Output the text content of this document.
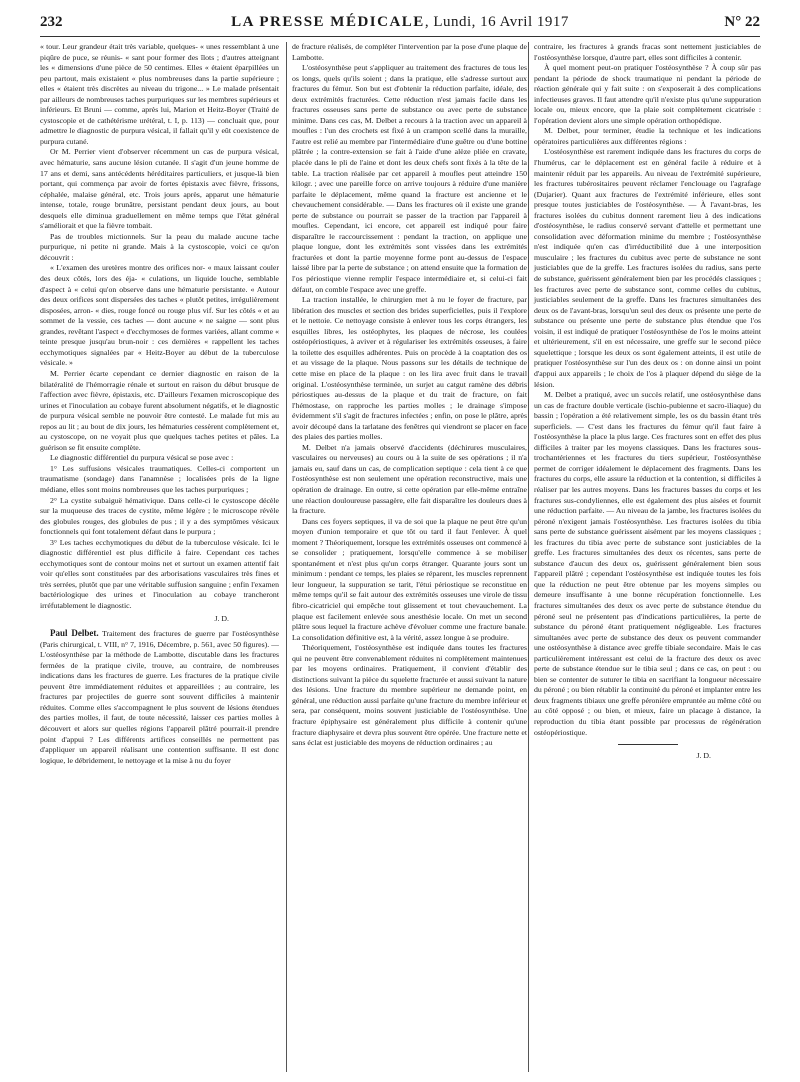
232	LA PRESSE MÉDICALE, Lundi, 16 Avril 1917	N° 22

« tour. Leur grandeur était très variable, quelques- « unes ressemblant à une piqûre de puce, se réunis- « sant pour former des îlots ; d'autres atteignant les « dimensions d'une pièce de 50 centimes. Elles « étaient éparpillées un peu partout, mais existaient « plus nombreuses dans la partie supérieure ; elles « étaient très discrètes au niveau du trigone... » Le malade présentait par ailleurs de nombreuses taches purpuriques sur les membres supérieurs et inférieurs. Et Bruni — comme, après lui, Marion et Heitz-Boyer (Traité de cystoscopie et de cathétérisme urétéral, t. I, p. 113) — concluait que, pour admettre le diagnostic de purpura vésical, il fallait qu'il y eût coexistence de purpura cutané.

Or M. Perrier vient d'observer récemment un cas de purpura vésical, avec hématurie, sans aucune lésion cutanée. Il s'agit d'un jeune homme de 17 ans et demi, sans antécédents héréditaires particuliers, et jusque-là bien portant, qui commença par avoir de fortes épistaxis avec fièvre, frissons, céphalée, malaise général, etc. Trois jours après, apparut une hématurie intense, totale, rouge brunâtre, persistant pendant deux jours, au bout desquels elle diminua graduellement en même temps que l'état général s'améliorait et que la fièvre tombait.

Pas de troubles mictionnels. Sur la peau du malade aucune tache purpurique, ni petite ni grande. Mais à la cystoscopie, voici ce qu'on découvrit :

« L'examen des uretères montre des orifices nor- « maux laissant couler des deux côtés, lors des éja- « culations, un liquide louche, semblable d'aspect à « celui qu'on observe dans une hématurie persistante. « Autour des deux orifices sont dispersées des taches « plutôt petites, irrégulièrement disposées, arron- « dies, rouge foncé ou rouge plus vif. Sur les côtés « et au sommet de la vessie, ces taches — dont aucune « ne saigne — sont plus grandes, revêtant l'aspect « d'ecchymoses de formes variées, allant comme « teinte presque jusqu'au brun-noir : ces dernières « rappellent les taches ecchymotiques signalées par « Heitz-Boyer au début de la tuberculose vésicale. »

M. Perrier écarte cependant ce dernier diagnostic en raison de la bilatéralité de l'hémorragie rénale et surtout en raison du début brusque de l'affection avec fièvre, épistaxis, etc. D'ailleurs l'examen microscopique des urines et l'inoculation au cobaye furent absolument négatifs, et le diagnostic de purpura vésical semble ne pouvoir être contesté. Le malade fut mis au repos au lit ; au bout de dix jours, les hématuries cessèrent complètement et, au cystoscope, on ne voyait plus que quelques taches petites et pâles. La guérison se fit ensuite complète.

Le diagnostic différentiel du purpura vésical se pose avec :

1° Les suffusions vésicales traumatiques. Celles-ci comportent un traumatisme (sondage) dans l'anamnèse ; localisées près de la ligne médiane, elles sont moins nombreuses que les taches purpuriques ;

2° La cystite subaiguë hémativique. Dans celle-ci le cystoscope décèle sur la muqueuse des traces de cystite, même légère ; le microscope révèle des globules rouges, des globules de pus ; il y a des symptômes vésicaux fonctionnels qui font totalement défaut dans le purpura ;

3° Les taches ecchymotiques du début de la tuberculose vésicale. Ici le diagnostic différentiel est plus difficile à faire. Cependant ces taches ecchymotiques sont de contour moins net et surtout un examen attentif fait voir qu'elles sont constituées par des arborisations vasculaires très fines et très serrées, plutôt que par une véritable suffusion sanguine ; enfin l'examen bactériologique des urines et l'inoculation au cobaye trancheront irréfutablement le diagnostic.

J. D.

Paul Delbet. Traitement des fractures de guerre par l'ostéosynthèse (Paris chirurgical, t. VIII, n° 7, 1916, Décembre, p. 561, avec 50 figures). — L'ostéosynthèse par la méthode de Lambotte, discutable dans les fractures fermées de la pratique civile, trouve, au contraire, de nombreuses indications dans les fractures de guerre. Les fractures de la pratique civile peuvent être immédiatement réduites et appareillées ; au contraire, les fractures par projectiles de guerre sont souvent difficiles à maintenir réduites. Comme elles s'accompagnent le plus souvent de lésions étendues des parties molles, il faut, de toute nécessité, laisser ces parties molles à découvert et alors sur quelles régions l'appareil plâtré pourrait-il prendre point d'appui ? Les différents artifices conseillés ne permettent pas d'appliquer un appareil réalisant une contention suffisante. Il est donc logique, le débridement, le nettoyage et la mise à nu du foyer

de fracture réalisés, de compléter l'intervention par la pose d'une plaque de Lambotte.

L'ostéosynthèse peut s'appliquer au traitement des fractures de tous les os longs, quels qu'ils soient ; dans la pratique, elle s'adresse surtout aux fractures du fémur. Son but est d'obtenir la réduction parfaite, idéale, des deux extrémités fracturées. Cette réduction n'est jamais facile dans les fractures osseuses sans perte de substance ou avec perte de substance minime. Dans ces cas, M. Delbet a recours à la traction avec un appareil à moufles : l'un des crochets est fixé à un crampon scellé dans la muraille, l'autre est relié au membre par l'intermédiaire d'une guêtre ou d'une bottine plâtrée ; la contre-extension se fait à l'aide d'une alèze pliée en cravate, placée dans le pli de l'aine et dont les deux chefs sont fixés à la tête de la table. La traction réalisée par cet appareil à moufles peut atteindre 150 kilogr. ; avec une pareille force on arrive toujours à réduire d'une manière parfaite le déplacement, même quand la fracture est ancienne et le chevauchement considérable. — Dans les fractures où il existe une grande perte de substance ou pourrait se passer de la traction par l'appareil à moufles. Cependant, ici encore, cet appareil est indiqué pour faire disparaître le raccourcissement : pendant la traction, on applique une plaque longue, dont les extrémités sont vissées dans les extrémités fracturées et dont la partie moyenne forme pont au-dessus de l'espace laissé libre par la perte de substance ; on attend ensuite que la formation de l'os périostique vienne remplir l'espace intermédiaire et, si celui-ci fait défaut, on comble l'espace avec une greffe.

La traction installée, le chirurgien met à nu le foyer de fracture, par libération des muscles et section des brides superficielles, puis il l'explore et le nettoie. Ce nettoyage consiste à enlever tous les corps étrangers, les esquilles libres, les ostéophytes, les plaques de nécrose, les coulées ostéopériostiques, à aviver et à régulariser les extrémités osseuses, à faire la toilette des esquilles adhérentes. Puis on procède à la coaptation des os et au vissage de la plaque. Nous passons sur les détails de technique de cette mise en place de la plaque : on les lira avec fruit dans le travail original. L'ostéosynthèse terminée, un surjet au catgut ramène des débris périostiques au-dessus de la plaque et du trait de fracture, on fait l'hémostase, on rapproche les parties molles ; le drainage s'impose évidemment s'il s'agit de fractures infectées ; enfin, on pose le plâtre, après avoir découpé dans la tarlatane des fenêtres qui viendront se placer en face des plaies des parties molles.

M. Delbet n'a jamais observé d'accidents (déchirures musculaires, vasculaires ou nerveuses) au cours ou à la suite de ses opérations ; il n'a jamais eu, sauf dans un cas, de complication septique : cela tient à ce que l'ostéosynthèse est non seulement une opération reconstructive, mais une opération de drainage. En outre, si cette opération par elle-même entraîne une réaction douloureuse passagère, elle fait disparaître les douleurs dues à la fracture.

Dans ces foyers septiques, il va de soi que la plaque ne peut être qu'un moyen d'union temporaire et que tôt ou tard il faut l'enlever. À quel moment ? Théoriquement, lorsque les extrémités osseuses ont commencé à se consolider ; pratiquement, lorsqu'elle commence à se mobiliser spontanément et n'est plus qu'un corps étranger. Quarante jours sont un minimum : pendant ce temps, les plaies se réparent, les muscles reprennent leur longueur, la suppuration se tarit, l'étui périostique se reconstitue en même temps qu'il se fait autour des extrémités osseuses une virole de tissu fibro-cicatriciel qui empêche tout glissement et tout chevauchement. La plaque est facilement enlevée sous anesthésie locale. On met un second plâtre sous lequel la fracture achève d'évoluer comme une fracture banale. La consolidation définitive est, à la vérité, assez longue à se produire.

Théoriquement, l'ostéosynthèse est indiquée dans toutes les fractures qui ne peuvent être convenablement réduites ni complètement maintenues par les moyens ordinaires. Pratiquement, il convient d'établir des distinctions suivant la pièce du squelette fracturée et aussi suivant la nature des lésions. Une fracture du membre supérieur ne demande point, en général, une réduction aussi parfaite qu'une fracture du membre inférieur et sera, par conséquent, moins souvent justiciable de l'ostéosynthèse. Une fracture épiphysaire est généralement plus difficile à contenir qu'une fracture diaphysaire et devra plus souvent être opérée. Une fracture nette et sans éclat est justiciable des moyens de réduction ordinaires ; au

contraire, les fractures à grands fracas sont nettement justiciables de l'ostéosynthèse lorsque, d'autre part, elles sont difficiles à contenir.

À quel moment peut-on pratiquer l'ostéosynthèse ? À coup sûr pas pendant la période de shock traumatique ni pendant la période de réaction générale qui y fait suite : on s'exposerait à des complications infectieuses graves. Il faut attendre qu'il n'existe plus qu'une suppuration locale ou, mieux encore, que la plaie soit complètement cicatrisée : l'opération devient alors une simple opération orthopédique.

M. Delbet, pour terminer, étudie la technique et les indications opératoires particulières aux différentes régions :

L'ostéosynthèse est rarement indiquée dans les fractures du corps de l'humérus, car le déplacement est en général facile à réduire et à maintenir réduit par les appareils. Au niveau de l'extrémité supérieure, les fractures tubérositaires peuvent réclamer l'enclouage ou l'agrafage (Dujarier). Quant aux fractures de l'extrémité inférieure, elles sont presque toutes justiciables de l'ostéosynthèse. — À l'avant-bras, les fractures isolées du cubitus donnent rarement lieu à des indications d'ostéosynthèse, le radius conservé servant d'attelle et permettant une consolidation avec déformation minime du membre ; l'ostéosynthèse n'est indiquée qu'en cas d'irréductibilité due à une interposition musculaire ; les fractures du cubitus avec perte de substance ne sont justiciables que de la greffe. Les fractures isolées du radius, sans perte de substance, guérissent généralement bien par les procédés classiques ; les fractures avec perte de substance sont, comme celles du cubitus, justiciables seulement de la greffe. Dans les fractures simultanées des deux os de l'avant-bras, lorsqu'un seul des deux os présente une perte de substance ou présente une perte de substance plus étendue que l'os voisin, il est indiqué de pratiquer l'ostéosynthèse de l'os le moins atteint et ultérieurement, s'il en est nécessaire, une greffe sur le second pièce squelettique ; lorsque les deux os sont également atteints, il est utile de pratiquer l'ostéosynthèse sur l'un des deux os : on donne ainsi un point d'appui aux appareils ; le choix de l'os à plaquer dépend du siège de la lésion.

M. Delbet a pratiqué, avec un succès relatif, une ostéosynthèse dans un cas de fracture double verticale (ischio-pubienne et sacro-iliaque) du bassin ; l'opération a été relativement simple, les os du bassin étant très superficiels. — C'est dans les fractures du fémur qu'il faut faire à l'ostéosynthèse la place la plus large. Ces fractures sont en effet des plus difficiles à traiter par les moyens classiques. Dans les fractures sous-trochantériennes et les fractures du tiers supérieur, l'ostéosynthèse permet de corriger idéalement le déplacement des fragments. Dans les fractures du corps, elle assure la réduction et la contention, si difficiles à réaliser par les autres moyens. Dans les fractures basses du corps et les fractures sus-condyliennes, elle est également des plus aisées et fournit une réduction parfaite. — Au niveau de la jambe, les fractures isolées du péroné n'exigent jamais l'ostéosynthèse. Les fractures isolées du tibia sans perte de substance guérissent aisément par les moyens classiques ; les fractures du tibia avec perte de substance sont justiciables de la greffe. Les fractures simultanées des deux os récentes, sans perte de substance d'aucun des deux os, guérissent généralement bien sous l'appareil plâtré ; cependant l'ostéosynthèse est indiquée toutes les fois que la réduction ne peut être obtenue par les moyens simples ou demeure insuffisante à une bonne récupération fonctionnelle. Les fractures simultanées des deux os avec perte de substance étendue du péroné seul ne présentent pas d'indications particulières, la perte de substance du péroné étant pratiquement négligeable. Les fractures simultanées avec perte de substance des deux os peuvent commander une ostéosynthèse à distance avec greffe tibiale secondaire. Mais le cas particulièrement intéressant est celui de la fracture des deux os avec perte de substance étendue sur le tibia seul ; dans ce cas, on peut : ou bien se contenter de suturer le tibia en sacrifiant la longueur nécessaire du péroné ; ou bien rétablir la continuité du péroné et implanter entre les deux fragments tibiaux une greffe péronière empruntée au même côté ou au côté opposé ; ou bien, et mieux, faire un placage à distance, la reproduction du tibia étant possible par processus de régénération ostéopériostique.

J. D.
